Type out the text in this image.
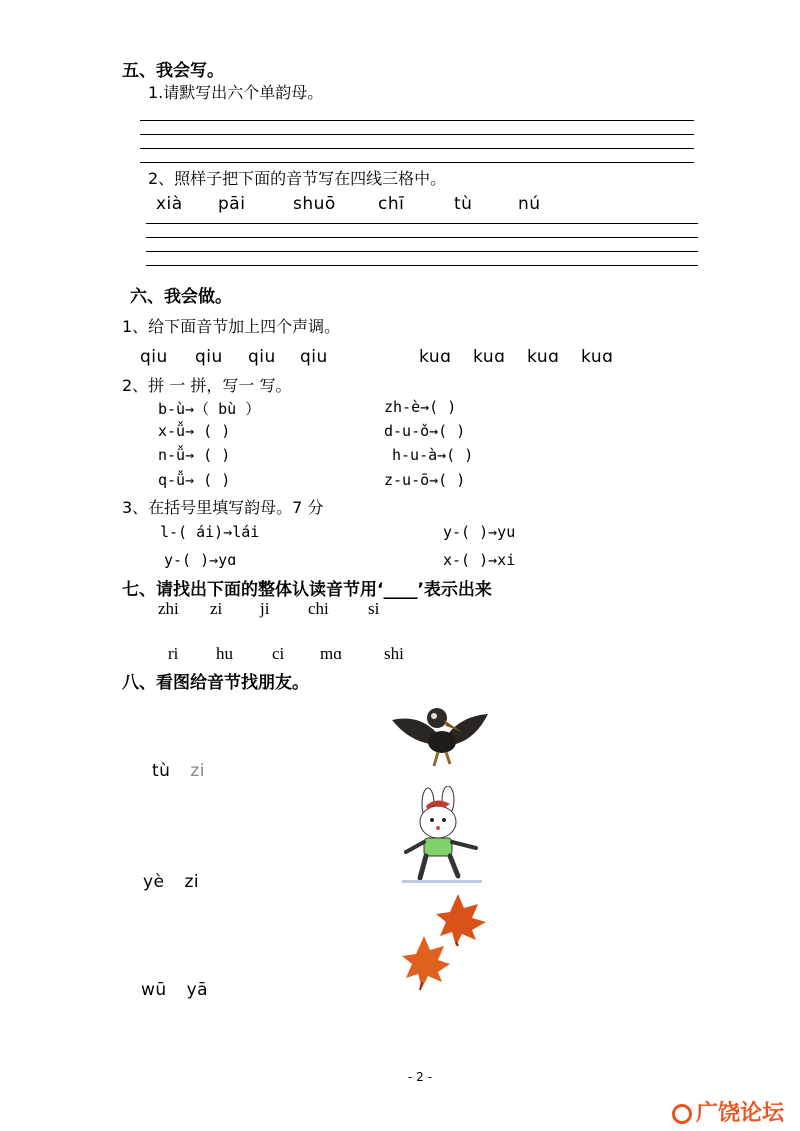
五、我会写。
1.请默写出六个单韵母。
2、照样子把下面的音节写在四线三格中。
xià pāi	shuō chī	tù	nú
六、我会做。
1、给下面音节加上四个声调。
qiu qiu qiu qiu	kuɑ kuɑ kuɑ kuɑ
2、拼 一 拼，写一 写。
b-ù→（ bù ）	zh-è→( )
x-ǚ→ ( )	d-u-ǒ→( )
n-ǚ→ ( )	h-u-à→( )
q-ǚ→ ( )	z-u-ō→( )
3、在括号里填写韵母。7 分
l-( ái)→lái	y-( )→yu
y-( )→yɑ	x-( )→xi
七、请找出下面的整体认读音节用‘____’表示出来
zhi zi ji chi si
ri hu ci mɑ shi
八、看图给音节找朋友。
tù zi
yè zi
wū yā
- 2 -
广饶论坛
